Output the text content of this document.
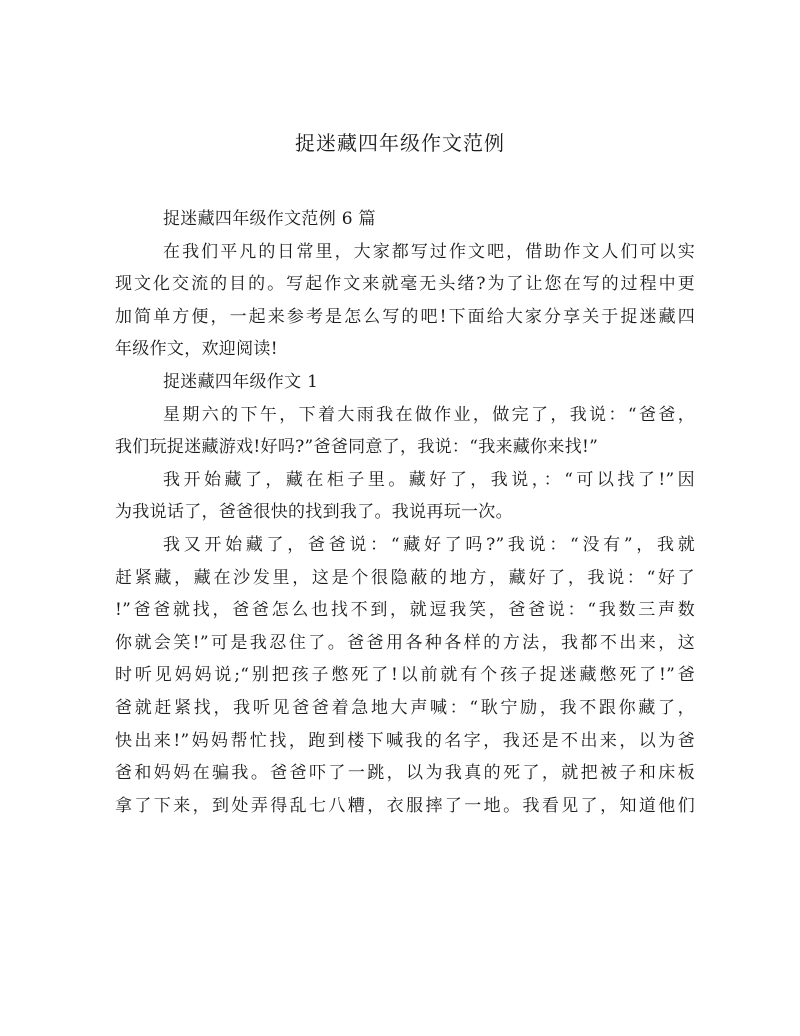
捉迷藏四年级作文范例
捉迷藏四年级作文范例 6 篇
在我们平凡的日常里，大家都写过作文吧，借助作文人们可以实
现文化交流的目的。写起作文来就毫无头绪?为了让您在写的过程中更
加简单方便，一起来参考是怎么写的吧!下面给大家分享关于捉迷藏四
年级作文，欢迎阅读!
捉迷藏四年级作文 1
星期六的下午，下着大雨我在做作业，做完了，我说：“爸爸，
我们玩捉迷藏游戏!好吗?”爸爸同意了，我说：“我来藏你来找!”
我开始藏了，藏在柜子里。藏好了，我说，：“可以找了!”因
为我说话了，爸爸很快的找到我了。我说再玩一次。
我又开始藏了，爸爸说：“藏好了吗?”我说：“没有”，我就
赶紧藏，藏在沙发里，这是个很隐蔽的地方，藏好了，我说：“好了
!”爸爸就找，爸爸怎么也找不到，就逗我笑，爸爸说：“我数三声数
你就会笑!”可是我忍住了。爸爸用各种各样的方法，我都不出来，这
时听见妈妈说;“别把孩子憋死了!以前就有个孩子捉迷藏憋死了!”爸
爸就赶紧找，我听见爸爸着急地大声喊：“耿宁励，我不跟你藏了，
快出来!”妈妈帮忙找，跑到楼下喊我的名字，我还是不出来，以为爸
爸和妈妈在骗我。爸爸吓了一跳，以为我真的死了，就把被子和床板
拿了下来，到处弄得乱七八糟，衣服摔了一地。我看见了，知道他们
